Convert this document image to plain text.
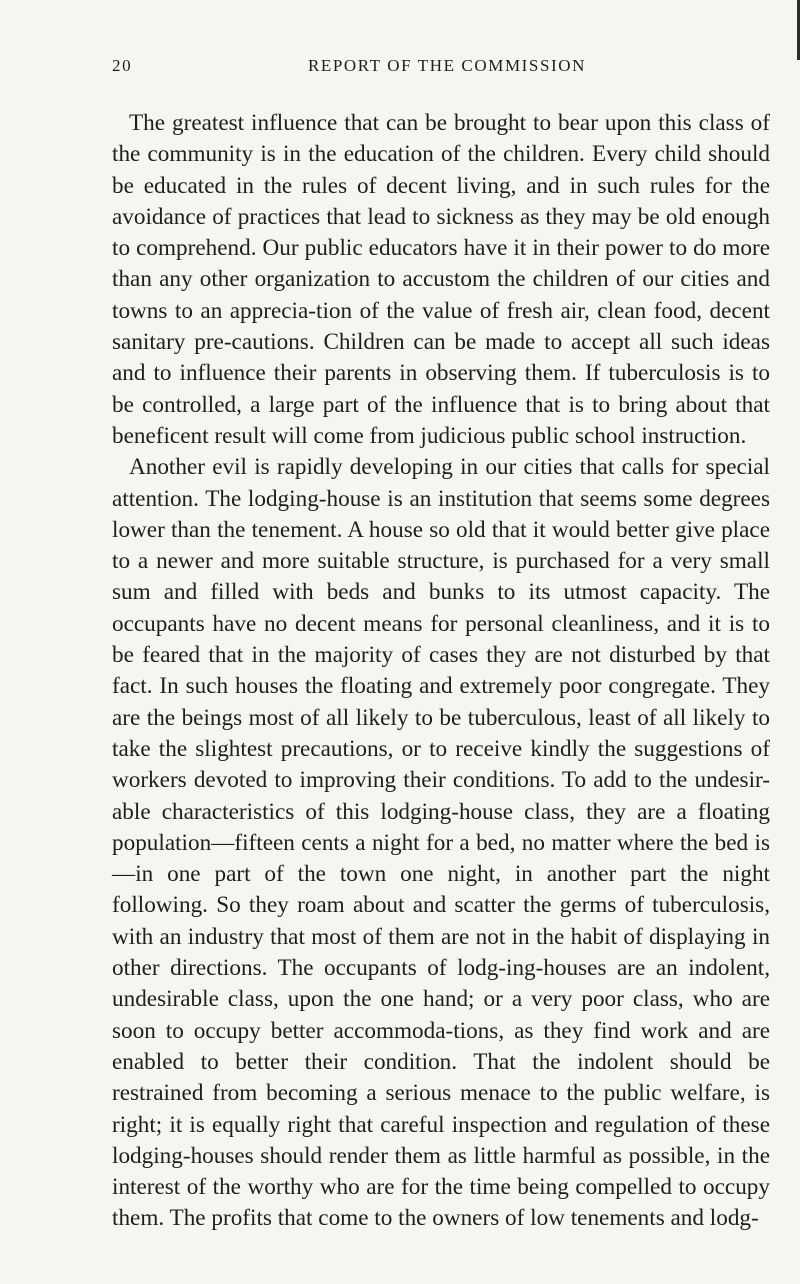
20	REPORT OF THE COMMISSION

The greatest influence that can be brought to bear upon this class of the community is in the education of the children. Every child should be educated in the rules of decent living, and in such rules for the avoidance of practices that lead to sickness as they may be old enough to comprehend. Our public educators have it in their power to do more than any other organization to accustom the children of our cities and towns to an apprecia-tion of the value of fresh air, clean food, decent sanitary pre-cautions. Children can be made to accept all such ideas and to influence their parents in observing them. If tuberculosis is to be controlled, a large part of the influence that is to bring about that beneficent result will come from judicious public school instruction.

Another evil is rapidly developing in our cities that calls for special attention. The lodging-house is an institution that seems some degrees lower than the tenement. A house so old that it would better give place to a newer and more suitable structure, is purchased for a very small sum and filled with beds and bunks to its utmost capacity. The occupants have no decent means for personal cleanliness, and it is to be feared that in the majority of cases they are not disturbed by that fact. In such houses the floating and extremely poor congregate. They are the beings most of all likely to be tuberculous, least of all likely to take the slightest precautions, or to receive kindly the suggestions of workers devoted to improving their conditions. To add to the undesir-able characteristics of this lodging-house class, they are a floating population—fifteen cents a night for a bed, no matter where the bed is—in one part of the town one night, in another part the night following. So they roam about and scatter the germs of tuberculosis, with an industry that most of them are not in the habit of displaying in other directions. The occupants of lodg-ing-houses are an indolent, undesirable class, upon the one hand; or a very poor class, who are soon to occupy better accommoda-tions, as they find work and are enabled to better their condition. That the indolent should be restrained from becoming a serious menace to the public welfare, is right; it is equally right that careful inspection and regulation of these lodging-houses should render them as little harmful as possible, in the interest of the worthy who are for the time being compelled to occupy them. The profits that come to the owners of low tenements and lodg-
